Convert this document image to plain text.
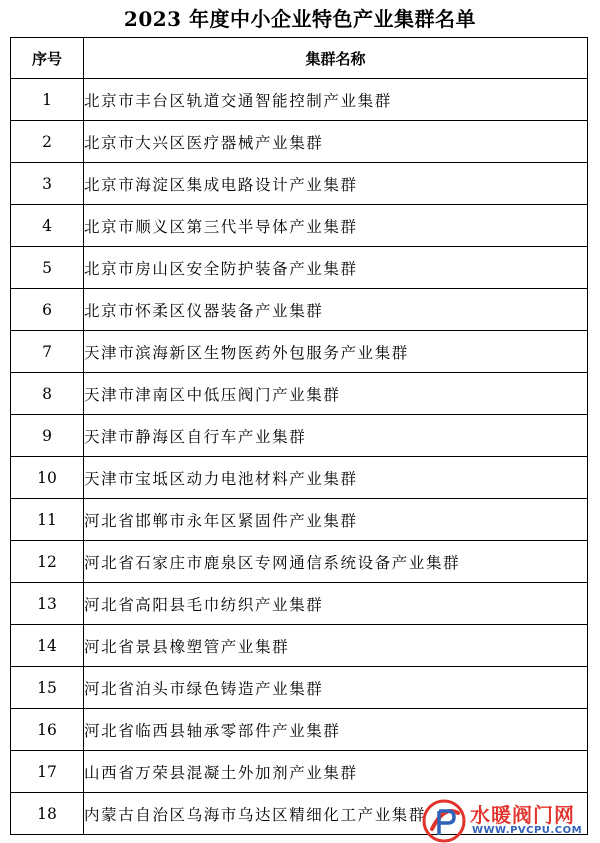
2023 年度中小企业特色产业集群名单
序号	集群名称
1	北京市丰台区轨道交通智能控制产业集群
2	北京市大兴区医疗器械产业集群
3	北京市海淀区集成电路设计产业集群
4	北京市顺义区第三代半导体产业集群
5	北京市房山区安全防护装备产业集群
6	北京市怀柔区仪器装备产业集群
7	天津市滨海新区生物医药外包服务产业集群
8	天津市津南区中低压阀门产业集群
9	天津市静海区自行车产业集群
10	天津市宝坻区动力电池材料产业集群
11	河北省邯郸市永年区紧固件产业集群
12	河北省石家庄市鹿泉区专网通信系统设备产业集群
13	河北省高阳县毛巾纺织产业集群
14	河北省景县橡塑管产业集群
15	河北省泊头市绿色铸造产业集群
16	河北省临西县轴承零部件产业集群
17	山西省万荣县混凝土外加剂产业集群
18	内蒙古自治区乌海市乌达区精细化工产业集群 水暖阀门网
WWW.PVCPU.COM
